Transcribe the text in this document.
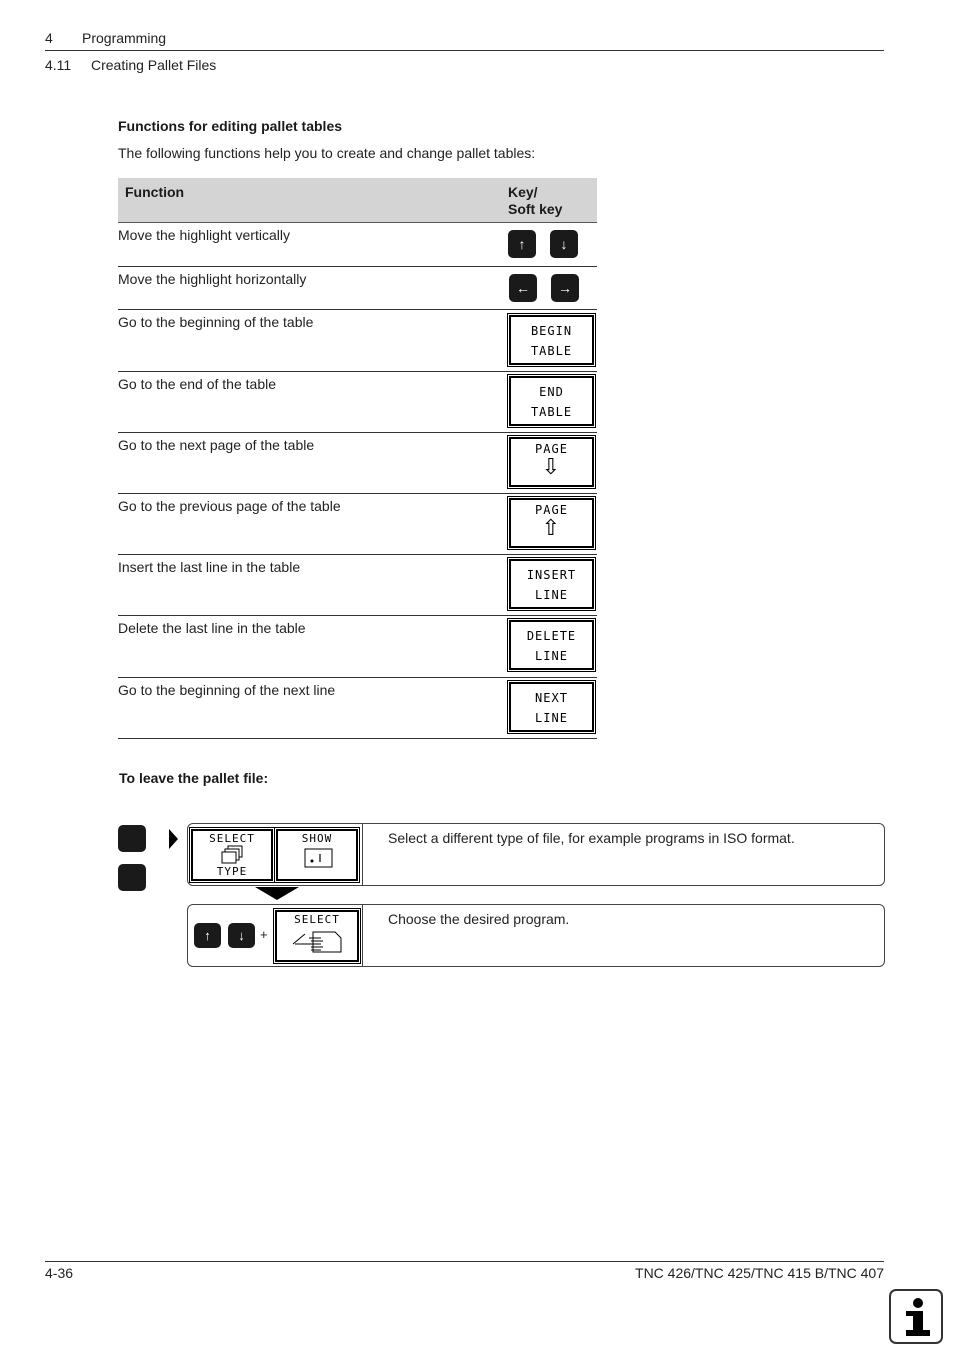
4 Programming
4.11 Creating Pallet Files
Functions for editing pallet tables
The following functions help you to create and change pallet tables:
Function	Key/
Soft key
Move the highlight vertically
↑	↓
Move the highlight horizontally
←	→
Go to the beginning of the table
BEGIN
TABLE
Go to the end of the table	END
TABLE
Go to the next page of the table	PAGE
⇩
Go to the previous page of the table	PAGE
⇧
Insert the last line in the table	INSERT
LINE
Delete the last line in the table	DELETE
LINE
Go to the beginning of the next line	NEXT
LINE
To leave the pallet file:
SELECT
TYPE
SHOW	Select a different type of file, for example programs in ISO format.
↑	↓	+
SELECT	Choose the desired program.
4-36	TNC 426/TNC 425/TNC 415 B/TNC 407
